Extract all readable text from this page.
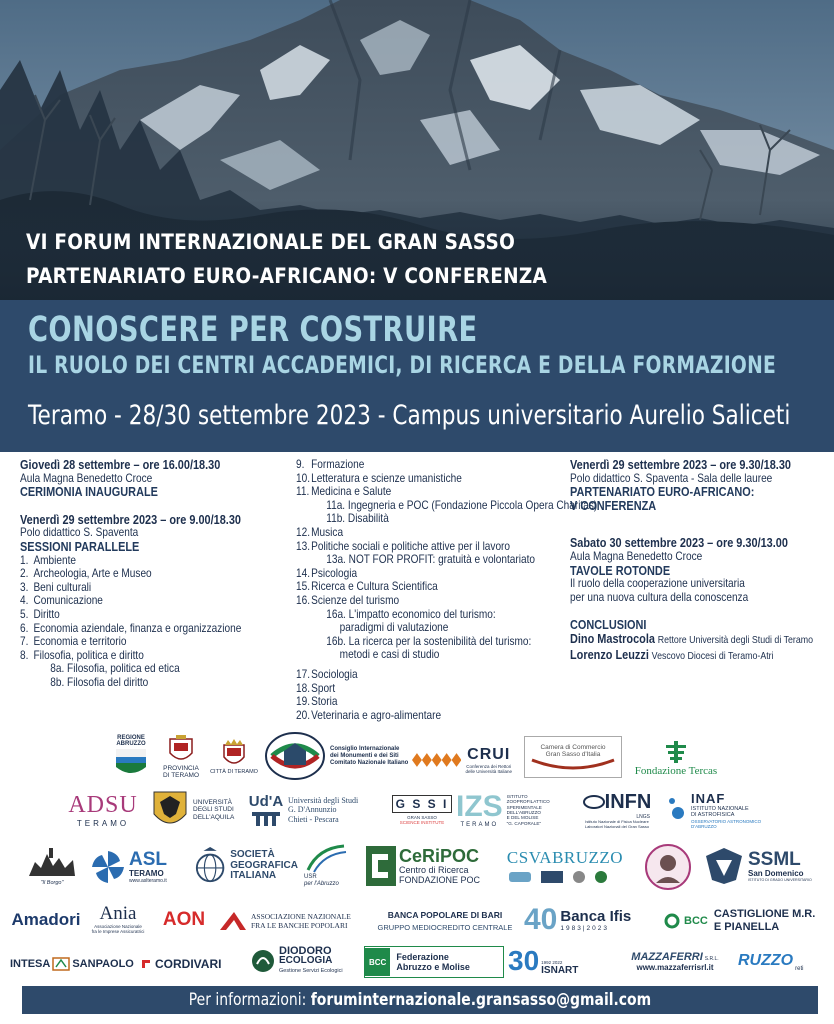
VI FORUM INTERNAZIONALE DEL GRAN SASSO
PARTENARIATO EURO-AFRICANO: V CONFERENZA
CONOSCERE PER COSTRUIRE
IL RUOLO DEI CENTRI ACCADEMICI, DI RICERCA E DELLA FORMAZIONE
Teramo - 28/30 settembre 2023 - Campus universitario Aurelio Saliceti
Giovedì 28 settembre – ore 16.00/18.30
Aula Magna Benedetto Croce
CERIMONIA INAUGURALE
Venerdì 29 settembre 2023 – ore 9.00/18.30
Polo didattico S. Spaventa
SESSIONI PARALLELE
1. Ambiente
2. Archeologia, Arte e Museo
3. Beni culturali
4. Comunicazione
5. Diritto
6. Economia aziendale, finanza e organizzazione
7. Economia e territorio
8. Filosofia, politica e diritto
8a. Filosofia, politica ed etica
8b. Filosofia del diritto
9. Formazione
10. Letteratura e scienze umanistiche
11. Medicina e Salute
11a. Ingegneria e POC (Fondazione Piccola Opera Charitas)
11b. Disabilità
12. Musica
13. Politiche sociali e politiche attive per il lavoro
13a. NOT FOR PROFIT: gratuità e volontariato
14. Psicologia
15. Ricerca e Cultura Scientifica
16. Scienze del turismo
16a. L'impatto economico del turismo:
paradigmi di valutazione
16b. La ricerca per la sostenibilità del turismo:
metodi e casi di studio
17. Sociologia
18. Sport
19. Storia
20. Veterinaria e agro-alimentare
Venerdì 29 settembre 2023 – ore 9.30/18.30
Polo didattico S. Spaventa - Sala delle lauree
PARTENARIATO EURO-AFRICANO:
V CONFERENZA
Sabato 30 settembre 2023 – ore 9.30/13.00
Aula Magna Benedetto Croce
TAVOLE ROTONDE
Il ruolo della cooperazione universitaria
per una nuova cultura della conoscenza
CONCLUSIONI
Dino Mastrocola Rettore Università degli Studi di Teramo
Lorenzo Leuzzi Vescovo Diocesi di Teramo-Atri
REGIONE
ABRUZZO
PROVINCIA
DI TERAMO CITTÀ DI TERAMO
Consiglio Internazionale
dei Monumenti e dei Siti
Comitato Nazionale Italiano	CRUI
Conferenza dei Rettori
delle Università Italiane
Camera di Commercio
Gran Sasso d'Italia
Fondazione Tercas
ADSU
TERAMO
UNIVERSITÀ
DEGLI STUDI
DELL'AQUILA
Ud'A Università degli Studi
G. D'Annunzio
Chieti - Pescara
G S S I
GRAN SASSO
SCIENCE INSTITUTE IZS
TERAMO
ISTITUTO
ZOOPROFILATTICO
SPERIMENTALE
DELL'ABRUZZO
E DEL MOLISE
"G. CAPORALE"
INFN
LNGS
Istituto Nazionale di Fisica Nucleare
Laboratori Nazionali del Gran Sasso
INAF
ISTITUTO NAZIONALE
DI ASTROFISICA
OSSERVATORIO ASTRONOMICO
D'ABRUZZO
"Il Borgo"
ASL
TERAMO
www.aslteramo.it
SOCIETÀ
GEOGRAFICA
ITALIANA	USR
per l'Abruzzo
CeRiPOC
Centro di Ricerca
FONDAZIONE POC
CSVABRUZZO	SSML
San Domenico
ISTITUTO DI GRADO UNIVERSITARIO
Amadori Ania
Associazione Nazionale
fra le Imprese Assicuratrici
AON	ASSOCIAZIONE NAZIONALE
FRA LE BANCHE POPOLARI
BANCA POPOLARE DI BARI
GRUPPO MEDIOCREDITO CENTRALE 40 Banca Ifis
1983|2023
BCC
CASTIGLIONE M.R.
E PIANELLA
INTESA SANPAOLO CORDIVARI
DIODORO
ECOLOGIA
Gestione Servizi Ecologici
BCC
Federazione
Abruzzo e Molise 30 1992 2022
ISNART
MAZZAFERRI S.R.L.
www.mazzaferrisrl.it RUZZO reti
Per informazioni: foruminternazionale.gransasso@gmail.com
